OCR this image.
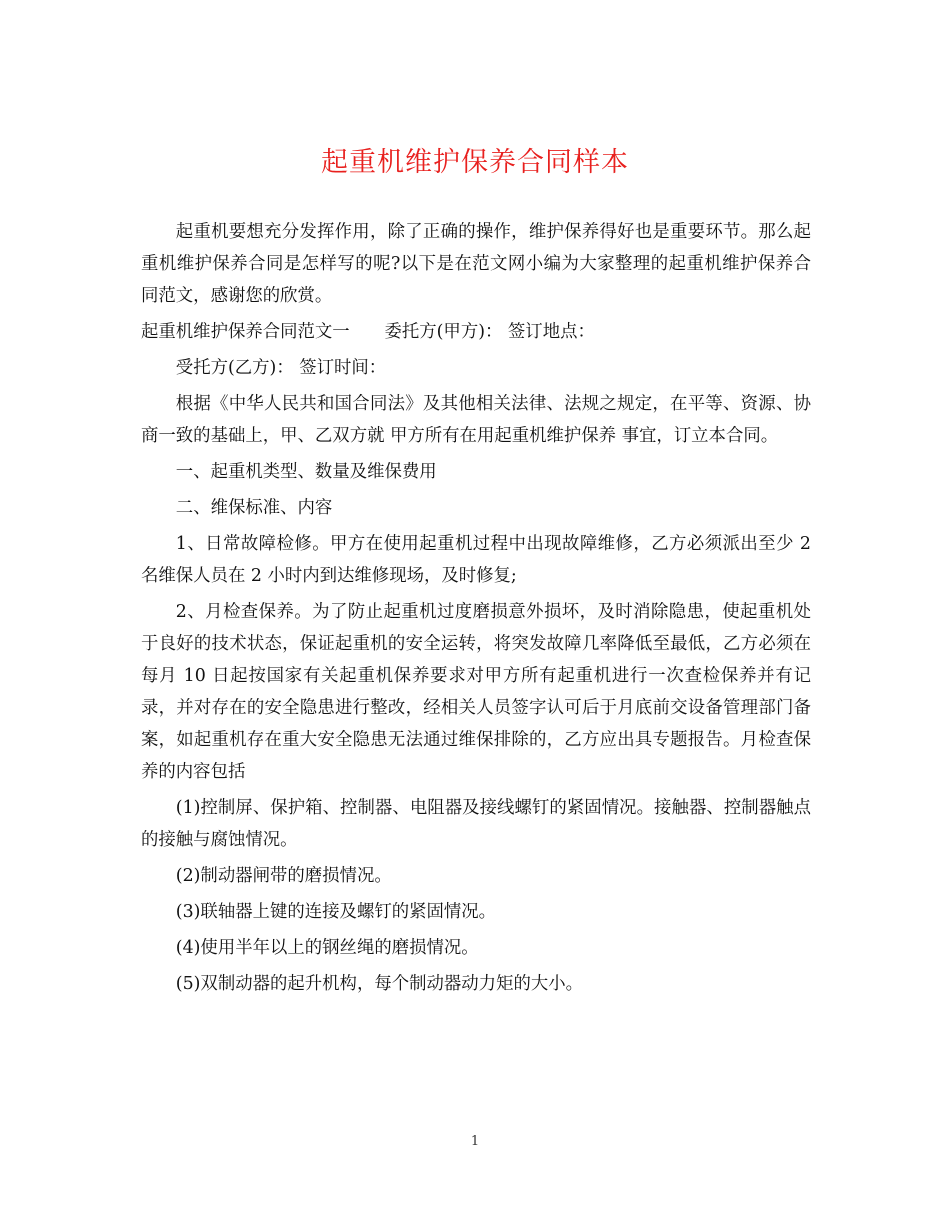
起重机维护保养合同样本

起重机要想充分发挥作用，除了正确的操作，维护保养得好也是重要环节。那么起重机维护保养合同是怎样写的呢?以下是在范文网小编为大家整理的起重机维护保养合同范文，感谢您的欣赏。

起重机维护保养合同范文一　　委托方(甲方)： 签订地点：

受托方(乙方)： 签订时间：

根据《中华人民共和国合同法》及其他相关法律、法规之规定，在平等、资源、协商一致的基础上，甲、乙双方就 甲方所有在用起重机维护保养 事宜，订立本合同。

一、起重机类型、数量及维保费用

二、维保标准、内容

1、日常故障检修。甲方在使用起重机过程中出现故障维修，乙方必须派出至少 2 名维保人员在 2 小时内到达维修现场，及时修复;

2、月检查保养。为了防止起重机过度磨损意外损坏，及时消除隐患，使起重机处于良好的技术状态，保证起重机的安全运转，将突发故障几率降低至最低，乙方必须在每月 10 日起按国家有关起重机保养要求对甲方所有起重机进行一次查检保养并有记录，并对存在的安全隐患进行整改，经相关人员签字认可后于月底前交设备管理部门备案，如起重机存在重大安全隐患无法通过维保排除的，乙方应出具专题报告。月检查保养的内容包括

(1)控制屏、保护箱、控制器、电阻器及接线螺钉的紧固情况。接触器、控制器触点的接触与腐蚀情况。

(2)制动器闸带的磨损情况。

(3)联轴器上键的连接及螺钉的紧固情况。

(4)使用半年以上的钢丝绳的磨损情况。

(5)双制动器的起升机构，每个制动器动力矩的大小。

1
